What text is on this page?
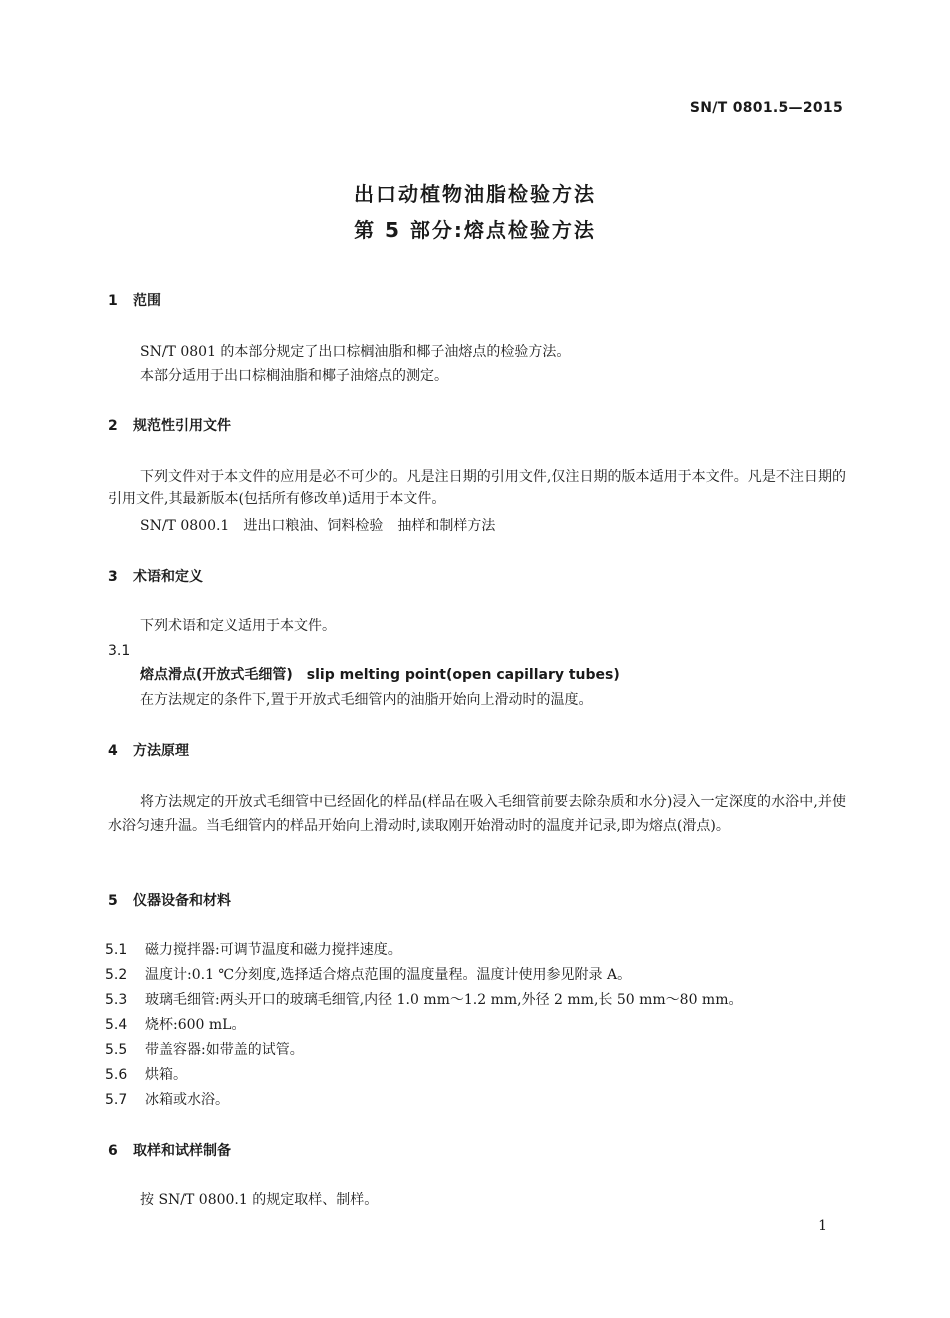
SN/T 0801.5—2015
出口动植物油脂检验方法
第 5 部分:熔点检验方法
1 范围
SN/T 0801 的本部分规定了出口棕榈油脂和椰子油熔点的检验方法。
本部分适用于出口棕榈油脂和椰子油熔点的测定。
2 规范性引用文件
下列文件对于本文件的应用是必不可少的。凡是注日期的引用文件,仅注日期的版本适用于本文件。凡是不注日期的引用文件,其最新版本(包括所有修改单)适用于本文件。
SN/T 0800.1　进出口粮油、饲料检验　抽样和制样方法
3 术语和定义
下列术语和定义适用于本文件。
3.1
熔点滑点(开放式毛细管)　slip melting point(open capillary tubes)
在方法规定的条件下,置于开放式毛细管内的油脂开始向上滑动时的温度。
4 方法原理
将方法规定的开放式毛细管中已经固化的样品(样品在吸入毛细管前要去除杂质和水分)浸入一定深度的水浴中,并使水浴匀速升温。当毛细管内的样品开始向上滑动时,读取刚开始滑动时的温度并记录,即为熔点(滑点)。
5 仪器设备和材料
5.1 磁力搅拌器:可调节温度和磁力搅拌速度。
5.2 温度计:0.1 ℃分刻度,选择适合熔点范围的温度量程。温度计使用参见附录 A。
5.3 玻璃毛细管:两头开口的玻璃毛细管,内径 1.0 mm～1.2 mm,外径 2 mm,长 50 mm～80 mm。
5.4 烧杯:600 mL。
5.5 带盖容器:如带盖的试管。
5.6 烘箱。
5.7 冰箱或水浴。
6 取样和试样制备
按 SN/T 0800.1 的规定取样、制样。
1
